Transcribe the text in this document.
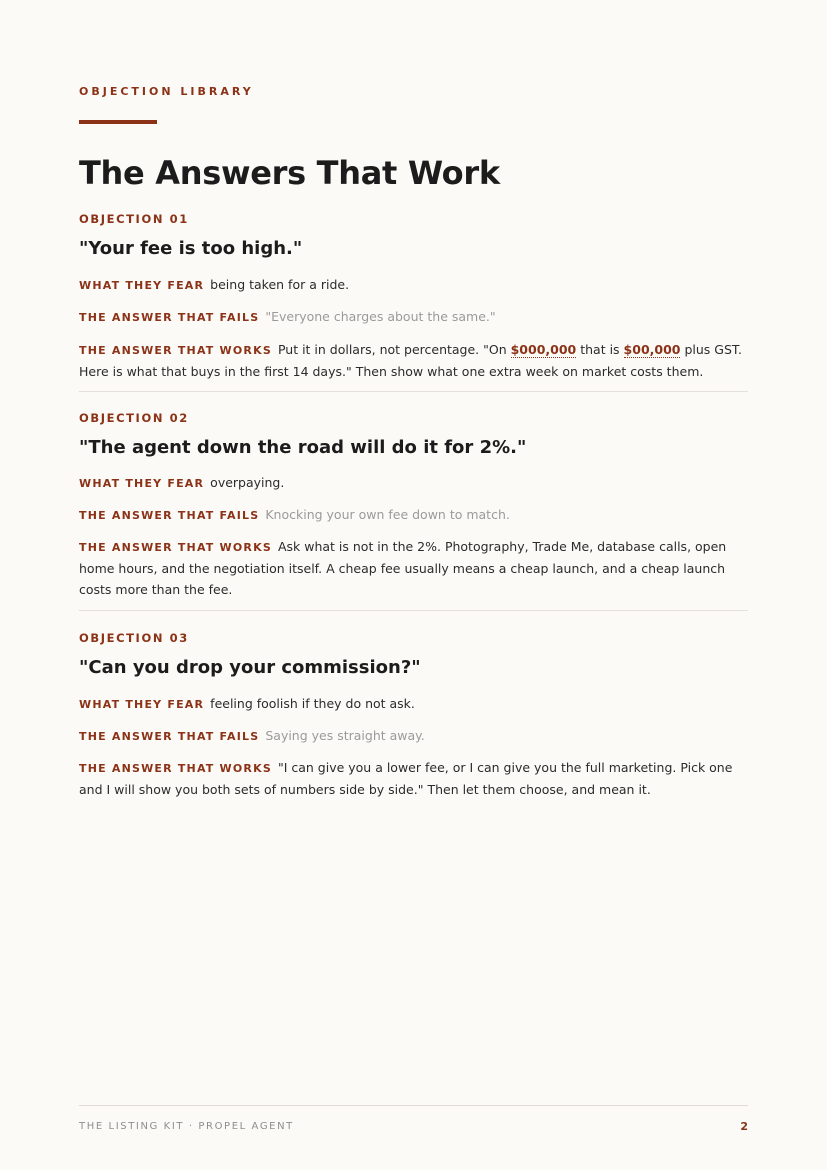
OBJECTION LIBRARY
The Answers That Work

OBJECTION 01

"Your fee is too high."

WHAT THEY FEAR being taken for a ride.

THE ANSWER THAT FAILS "Everyone charges about the same."

THE ANSWER THAT WORKS Put it in dollars, not percentage. "On $000,000 that is $00,000 plus GST. Here is what that buys in the first 14 days." Then show what one extra week on market costs them.

OBJECTION 02

"The agent down the road will do it for 2%."

WHAT THEY FEAR overpaying.

THE ANSWER THAT FAILS Knocking your own fee down to match.

THE ANSWER THAT WORKS Ask what is not in the 2%. Photography, Trade Me, database calls, open home hours, and the negotiation itself. A cheap fee usually means a cheap launch, and a cheap launch costs more than the fee.

OBJECTION 03

"Can you drop your commission?"

WHAT THEY FEAR feeling foolish if they do not ask.

THE ANSWER THAT FAILS Saying yes straight away.

THE ANSWER THAT WORKS "I can give you a lower fee, or I can give you the full marketing. Pick one and I will show you both sets of numbers side by side." Then let them choose, and mean it.

THE LISTING KIT · PROPEL AGENT	2
